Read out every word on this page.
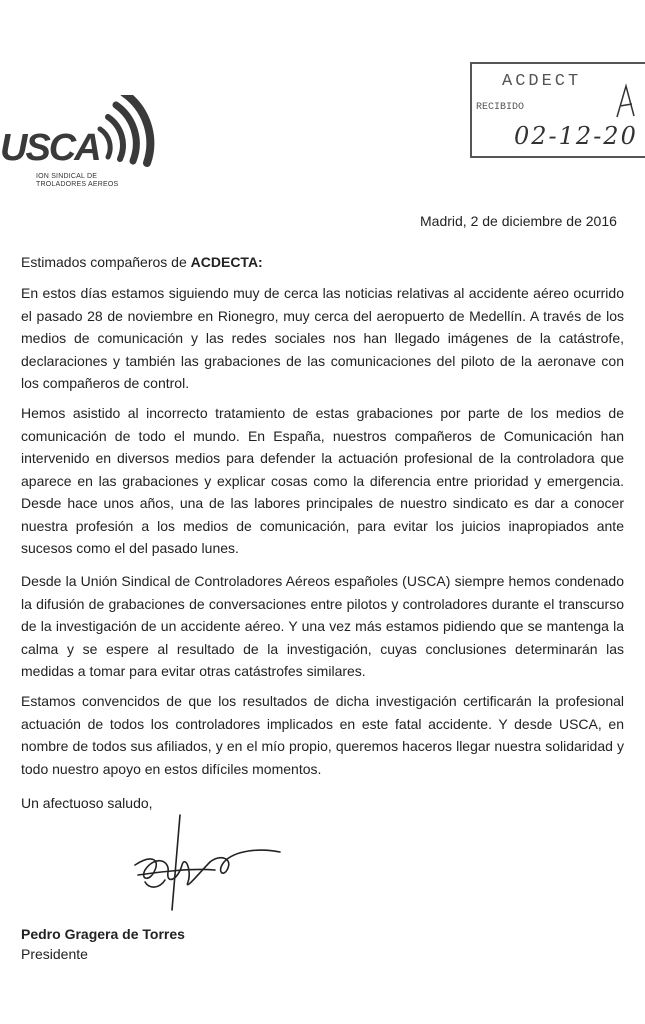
USCA
ION SINDICAL DE
TROLADORES AEREOS
ACDECT
RECIBIDO
02-12-20
Madrid, 2 de diciembre de 2016
Estimados compañeros de ACDECTA:

En estos días estamos siguiendo muy de cerca las noticias relativas al accidente aéreo ocurrido el pasado 28 de noviembre en Rionegro, muy cerca del aeropuerto de Medellín. A través de los medios de comunicación y las redes sociales nos han llegado imágenes de la catástrofe, declaraciones y también las grabaciones de las comunicaciones del piloto de la aeronave con los compañeros de control.

Hemos asistido al incorrecto tratamiento de estas grabaciones por parte de los medios de comunicación de todo el mundo. En España, nuestros compañeros de Comunicación han intervenido en diversos medios para defender la actuación profesional de la controladora que aparece en las grabaciones y explicar cosas como la diferencia entre prioridad y emergencia. Desde hace unos años, una de las labores principales de nuestro sindicato es dar a conocer nuestra profesión a los medios de comunicación, para evitar los juicios inapropiados ante sucesos como el del pasado lunes.

Desde la Unión Sindical de Controladores Aéreos españoles (USCA) siempre hemos condenado la difusión de grabaciones de conversaciones entre pilotos y controladores durante el transcurso de la investigación de un accidente aéreo. Y una vez más estamos pidiendo que se mantenga la calma y se espere al resultado de la investigación, cuyas conclusiones determinarán las medidas a tomar para evitar otras catástrofes similares.

Estamos convencidos de que los resultados de dicha investigación certificarán la profesional actuación de todos los controladores implicados en este fatal accidente. Y desde USCA, en nombre de todos sus afiliados, y en el mío propio, queremos haceros llegar nuestra solidaridad y todo nuestro apoyo en estos difíciles momentos.

Un afectuoso saludo,
Pedro Gragera de Torres
Presidente
